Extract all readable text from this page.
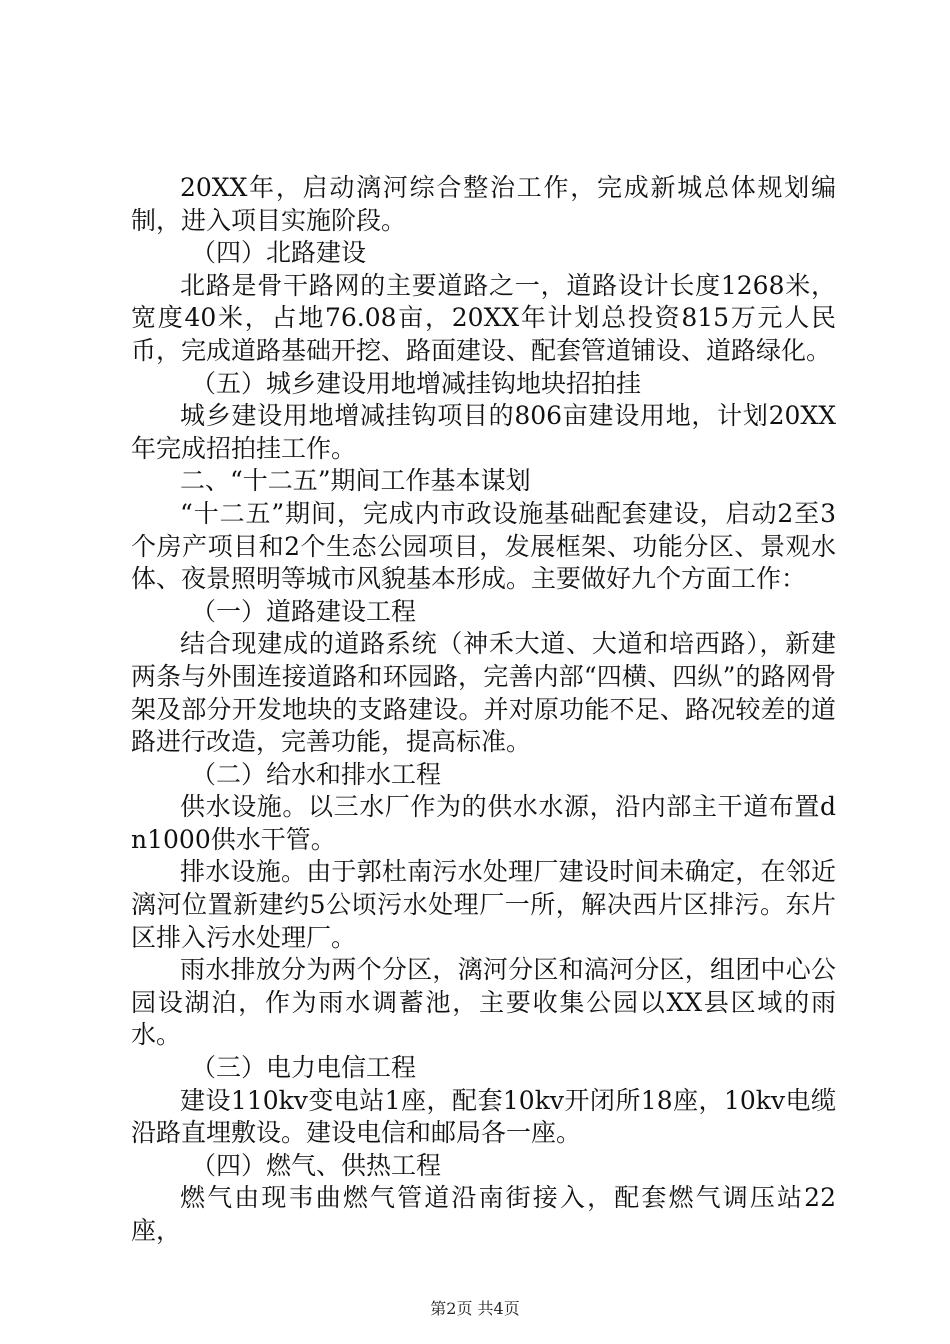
20XX年，启动漓河综合整治工作，完成新城总体规划编制，进入项目实施阶段。

（四）北路建设

北路是骨干路网的主要道路之一，道路设计长度1268米，宽度40米，占地76.08亩，20XX年计划总投资815万元人民币，完成道路基础开挖、路面建设、配套管道铺设、道路绿化。

（五）城乡建设用地增减挂钩地块招拍挂

城乡建设用地增减挂钩项目的806亩建设用地，计划20XX年完成招拍挂工作。

二、“十二五”期间工作基本谋划

“十二五”期间，完成内市政设施基础配套建设，启动2至3个房产项目和2个生态公园项目，发展框架、功能分区、景观水体、夜景照明等城市风貌基本形成。主要做好九个方面工作：

（一）道路建设工程

结合现建成的道路系统（神禾大道、大道和培西路），新建两条与外围连接道路和环园路，完善内部“四横、四纵”的路网骨架及部分开发地块的支路建设。并对原功能不足、路况较差的道路进行改造，完善功能，提高标准。

（二）给水和排水工程

供水设施。以三水厂作为的供水水源，沿内部主干道布置dn1000供水干管。

排水设施。由于郭杜南污水处理厂建设时间未确定，在邻近漓河位置新建约5公顷污水处理厂一所，解决西片区排污。东片区排入污水处理厂。

雨水排放分为两个分区，漓河分区和滈河分区，组团中心公园设湖泊，作为雨水调蓄池，主要收集公园以XX县区域的雨水。

（三）电力电信工程

建设110kv变电站1座，配套10kv开闭所18座，10kv电缆沿路直埋敷设。建设电信和邮局各一座。

（四）燃气、供热工程

燃气由现韦曲燃气管道沿南街接入，配套燃气调压站22座，

第2页 共4页
